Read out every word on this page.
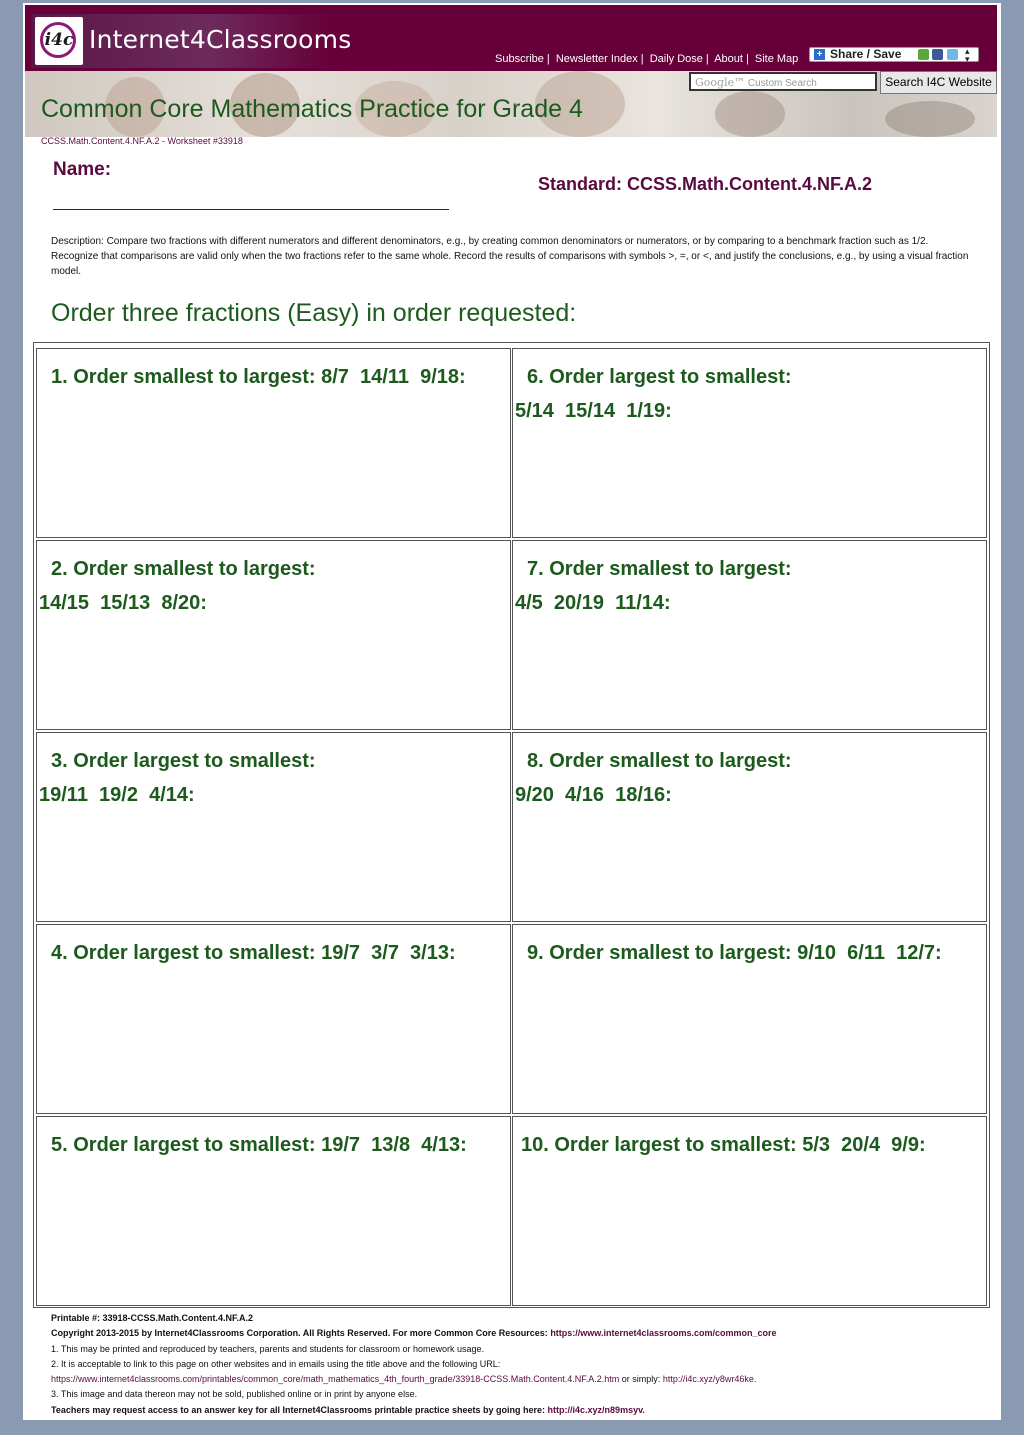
i4c Internet4Classrooms
Subscribe | Newsletter Index | Daily Dose | About | Site Map + Share / Save	▴
▾
Google™ Custom Search	Search I4C Website
Common Core Mathematics Practice for Grade 4
CCSS.Math.Content.4.NF.A.2 - Worksheet #33918
Name:
Standard: CCSS.Math.Content.4.NF.A.2
Description: Compare two fractions with different numerators and different denominators, e.g., by creating common denominators or numerators, or by comparing to a benchmark fraction such as 1/2. Recognize that comparisons are valid only when the two fractions refer to the same whole. Record the results of comparisons with symbols >, =, or <, and justify the conclusions, e.g., by using a visual fraction model.
Order three fractions (Easy) in order requested:
1. Order smallest to largest: 8/7  14/11  9/18:	6. Order largest to smallest:
5/14  15/14  1/19:
2. Order smallest to largest:
14/15  15/13  8/20:
7. Order smallest to largest:
4/5  20/19  11/14:
3. Order largest to smallest:
19/11  19/2  4/14:
8. Order smallest to largest:
9/20  4/16  18/16:
4. Order largest to smallest: 19/7  3/7  3/13:	9. Order smallest to largest: 9/10  6/11  12/7:
5. Order largest to smallest: 19/7  13/8  4/13:	10. Order largest to smallest: 5/3  20/4  9/9:
Printable #: 33918-CCSS.Math.Content.4.NF.A.2
Copyright 2013-2015 by Internet4Classrooms Corporation. All Rights Reserved. For more Common Core Resources: https://www.internet4classrooms.com/common_core
1. This may be printed and reproduced by teachers, parents and students for classroom or homework usage.
2. It is acceptable to link to this page on other websites and in emails using the title above and the following URL:
https://www.internet4classrooms.com/printables/common_core/math_mathematics_4th_fourth_grade/33918-CCSS.Math.Content.4.NF.A.2.htm or simply: http://i4c.xyz/y8wr46ke.
3. This image and data thereon may not be sold, published online or in print by anyone else.
Teachers may request access to an answer key for all Internet4Classrooms printable practice sheets by going here: http://i4c.xyz/n89msyv.
